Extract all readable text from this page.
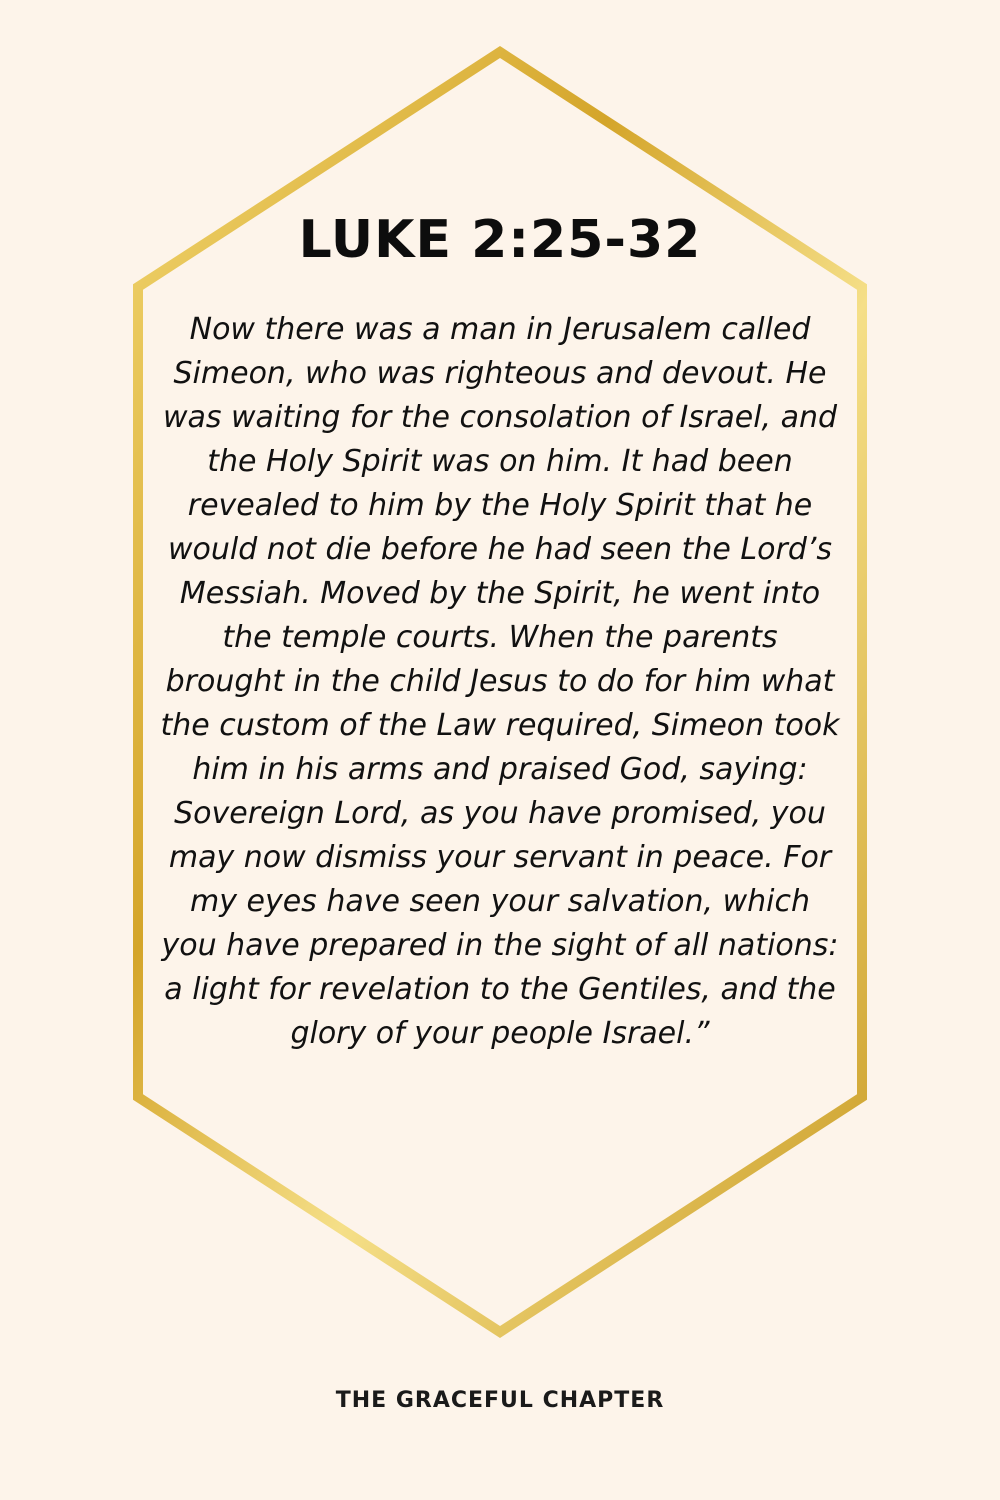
LUKE 2:25-32

Now there was a man in Jerusalem called Simeon, who was righteous and devout. He was waiting for the consolation of Israel, and the Holy Spirit was on him. It had been revealed to him by the Holy Spirit that he would not die before he had seen the Lord’s Messiah. Moved by the Spirit, he went into the temple courts. When the parents brought in the child Jesus to do for him what the custom of the Law required, Simeon took him in his arms and praised God, saying: Sovereign Lord, as you have promised, you may now dismiss your servant in peace. For my eyes have seen your salvation, which you have prepared in the sight of all nations: a light for revelation to the Gentiles, and the glory of your people Israel.”

THE GRACEFUL CHAPTER
